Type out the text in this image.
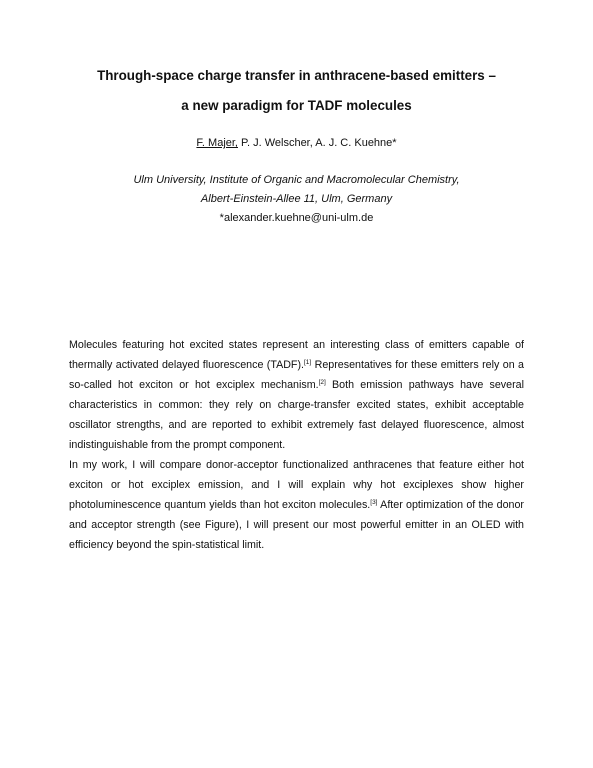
Through-space charge transfer in anthracene-based emitters –
a new paradigm for TADF molecules
F. Majer, P. J. Welscher, A. J. C. Kuehne*
Ulm University, Institute of Organic and Macromolecular Chemistry,
Albert-Einstein-Allee 11, Ulm, Germany
*alexander.kuehne@uni-ulm.de

Molecules featuring hot excited states represent an interesting class of emitters capable of thermally activated delayed fluorescence (TADF).[1] Representatives for these emitters rely on a so-called hot exciton or hot exciplex mechanism.[2] Both emission pathways have several characteristics in common: they rely on charge-transfer excited states, exhibit acceptable oscillator strengths, and are reported to exhibit extremely fast delayed fluorescence, almost indistinguishable from the prompt component.

In my work, I will compare donor-acceptor functionalized anthracenes that feature either hot exciton or hot exciplex emission, and I will explain why hot exciplexes show higher photoluminescence quantum yields than hot exciton molecules.[3] After optimization of the donor and acceptor strength (see Figure), I will present our most powerful emitter in an OLED with efficiency beyond the spin-statistical limit.
